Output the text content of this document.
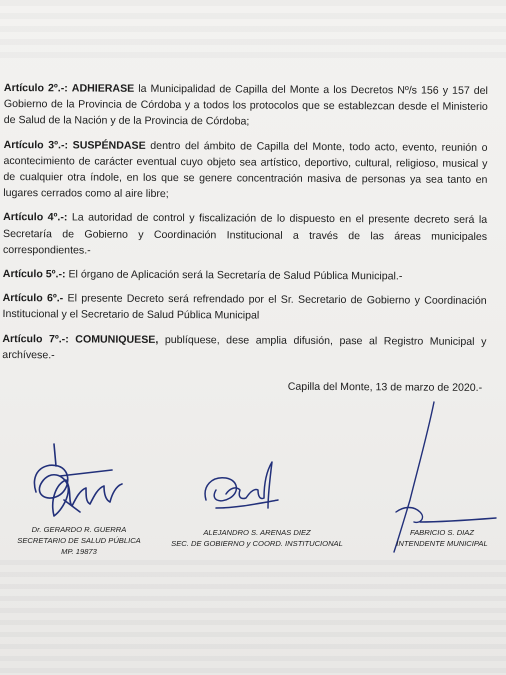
Artículo 2º.-: ADHIERASE la Municipalidad de Capilla del Monte a los Decretos Nº/s 156 y 157 del Gobierno de la Provincia de Córdoba y a todos los protocolos que se establezcan desde el Ministerio de Salud de la Nación y de la Provincia de Córdoba;

Artículo 3º.-: SUSPÉNDASE dentro del ámbito de Capilla del Monte, todo acto, evento, reunión o acontecimiento de carácter eventual cuyo objeto sea artístico, deportivo, cultural, religioso, musical y de cualquier otra índole, en los que se genere concentración masiva de personas ya sea tanto en lugares cerrados como al aire libre;

Artículo 4º.-: La autoridad de control y fiscalización de lo dispuesto en el presente decreto será la Secretaría de Gobierno y Coordinación Institucional a través de las áreas municipales correspondientes.-

Artículo 5º.-: El órgano de Aplicación será la Secretaría de Salud Pública Municipal.-

Artículo 6º.- El presente Decreto será refrendado por el Sr. Secretario de Gobierno y Coordinación Institucional y el Secretario de Salud Pública Municipal

Artículo 7º.-: COMUNIQUESE, publíquese, dese amplia difusión, pase al Registro Municipal y archívese.-

Capilla del Monte, 13 de marzo de 2020.-
Dr. GERARDO R. GUERRA
SECRETARIO DE SALUD PÚBLICA
MP. 19873
ALEJANDRO S. ARENAS DIEZ
SEC. DE GOBIERNO y COORD. INSTITUCIONAL
FABRICIO S. DIAZ
INTENDENTE MUNICIPAL
